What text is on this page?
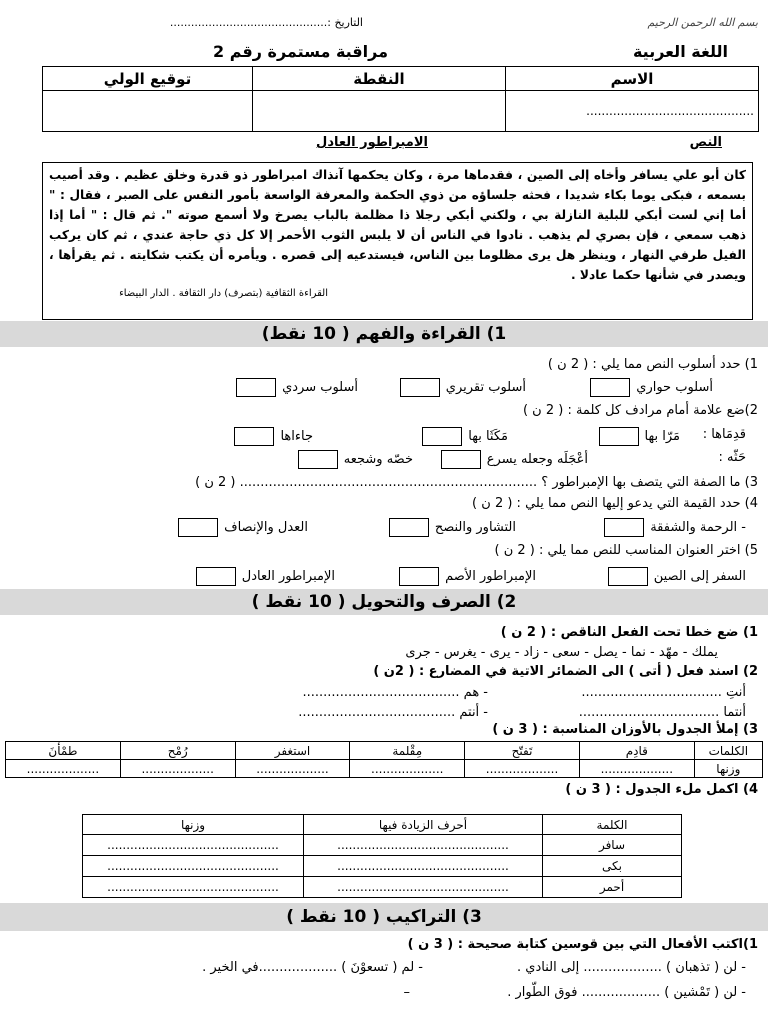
بسم الله الرحمن الرحيم
التاريخ :.............................................
اللغة العربية
مراقبة مستمرة رقم 2
الاسم	النقطة	توقيع الولي
............................................		
النص
الامبراطور العادل
كان أبو علي يسافر وأخاه إلى الصين ، فقدماها مرة ، وكان يحكمها آنذاك امبراطور ذو قدرة وخلق عظيم . وقد أصيب بسمعه ، فبكى يوما بكاء شديدا ، فحثه جلساؤه من ذوي الحكمة والمعرفة الواسعة بأمور النفس على الصبر ، فقال : " أما إني لست أبكي للبلية النازلة بي ، ولكني أبكي رجلا ذا مظلمة بالباب يصرخ ولا أسمع صوته ". ثم قال : " أما إذا ذهب سمعي ، فإن بصري لم يذهب . نادوا في الناس أن لا يلبس الثوب الأحمر إلا كل ذي حاجة عندي ، ثم كان يركب الفيل طرفي النهار ، وينظر هل يرى مظلوما بين الناس، فيستدعيه إلى قصره . ويأمره أن يكتب شكايته . ثم يقرأها ، ويصدر في شأنها حكما عادلا .
القراءة الثقافية (بتصرف) دار الثقافة . الدار البيضاء
1) القراءة والفهم ( 10 نقط)
1) حدد أسلوب النص مما يلي : ( 2 ن )
أسلوب حواري
أسلوب تقريري
أسلوب سردي
2)ضع علامة أمام مرادف كل كلمة : ( 2 ن )
قدِمَاها :
مَرّا بها
مَكَثَا بها
جاءاها
حَثّه :
أعْجَلَه وجعله يسرع
خصّه وشجعه
3) ما الصفة التي يتصف بها الإمبراطور ؟ ........................................................................ ( 2 ن )
4) حدد القيمة التي يدعو إليها النص مما يلي : ( 2 ن )
- الرحمة والشفقة
التشاور والنصح
العدل والإنصاف
5) اختر العنوان المناسب للنص مما يلي : ( 2 ن )
السفر إلى الصين
الإمبراطور الأصم
الإمبراطور العادل
2) الصرف والتحويل ( 10 نقط )
1) ضع خطا تحت الفعل الناقص : ( 2 ن )
يملك - مهّد - نما - يصل - سعى - زاد - يرى - يغرس - جرى
2) اسند فعل ( أتى ) الى الضمائر الاتية في المضارع : ( 2ن )
أنتِ ..................................
- هم ......................................
أنتما ..................................
- أنتم ......................................
3) إملأ الجدول بالأوزان المناسبة : ( 3 ن )
الكلمات	قادِم	تَفتّح	مِقْلمة	استغفر	رُمْح	طمْأنَ
وزنها	...................	...................	...................	...................	...................	...................
4) اكمل ملء الجدول : ( 3 ن )
الكلمة	أحرف الزيادة فيها	وزنها
سافر	.............................................	.............................................
بكى	.............................................	.............................................
أحمر	.............................................	.............................................
3) التراكيب ( 10 نقط )
1)اكتب الأفعال التي بين قوسين كتابة صحيحة : ( 3 ن )
- لن ( تذهبان ) ................... إلى النادي .
- لم ( تسعوْنَ ) ...................في الخير .
- لن ( تَمْشين ) ................... فوق الطّوار .
–
